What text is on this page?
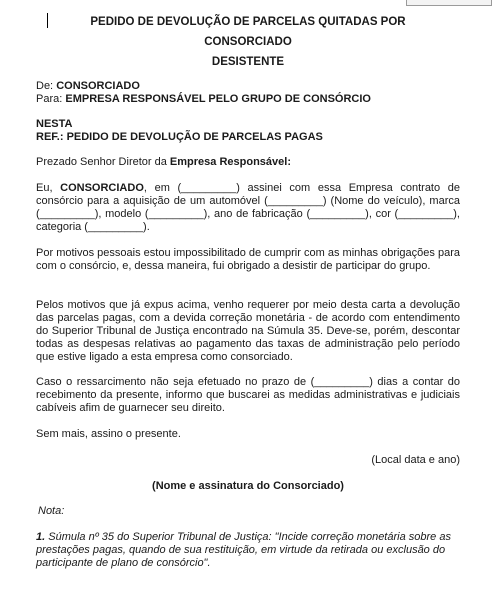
PEDIDO DE DEVOLUÇÃO DE PARCELAS QUITADAS POR CONSORCIADO
DESISTENTE
De: CONSORCIADO
Para: EMPRESA RESPONSÁVEL PELO GRUPO DE CONSÓRCIO
NESTA
REF.: PEDIDO DE DEVOLUÇÃO DE PARCELAS PAGAS
Prezado Senhor Diretor da Empresa Responsável:
Eu, CONSORCIADO, em (_________) assinei com essa Empresa contrato de consórcio para a aquisição de um automóvel (_________) (Nome do veículo), marca (_________), modelo (_________), ano de fabricação (_________), cor (_________), categoria (_________).
Por motivos pessoais estou impossibilitado de cumprir com as minhas obrigações para com o consórcio, e, dessa maneira, fui obrigado a desistir de participar do grupo.
Pelos motivos que já expus acima, venho requerer por meio desta carta a devolução das parcelas pagas, com a devida correção monetária - de acordo com entendimento do Superior Tribunal de Justiça encontrado na Súmula 35. Deve-se, porém, descontar todas as despesas relativas ao pagamento das taxas de administração pelo período que estive ligado a esta empresa como consorciado.
Caso o ressarcimento não seja efetuado no prazo de (_________) dias a contar do recebimento da presente, informo que buscarei as medidas administrativas e judiciais cabíveis afim de guarnecer seu direito.
Sem mais, assino o presente.
(Local data e ano)
(Nome e assinatura do Consorciado)
Nota:
1. Súmula nº 35 do Superior Tribunal de Justiça: "Incide correção monetária sobre as prestações pagas, quando de sua restituição, em virtude da retirada ou exclusão do participante de plano de consórcio".
